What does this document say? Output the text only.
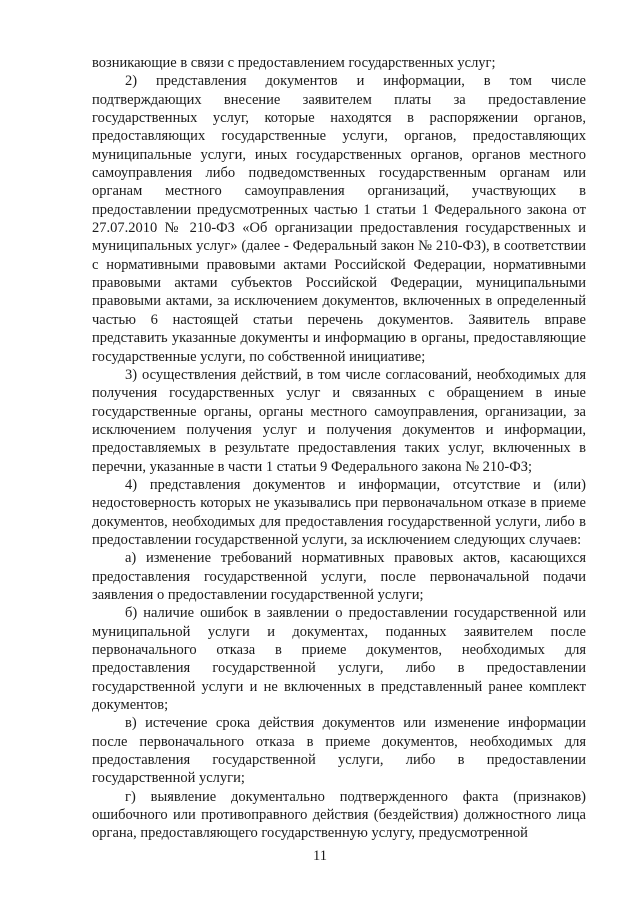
возникающие в связи с предоставлением государственных услуг;

2) представления документов и информации, в том числе подтверждающих внесение заявителем платы за предоставление государственных услуг, которые находятся в распоряжении органов, предоставляющих государственные услуги, органов, предоставляющих муниципальные услуги, иных государственных органов, органов местного самоуправления либо подведомственных государственным органам или органам местного самоуправления организаций, участвующих в предоставлении предусмотренных частью 1 статьи 1 Федерального закона от 27.07.2010 № 210-ФЗ «Об организации предоставления государственных и муниципальных услуг» (далее - Федеральный закон № 210-ФЗ), в соответствии с нормативными правовыми актами Российской Федерации, нормативными правовыми актами субъектов Российской Федерации, муниципальными правовыми актами, за исключением документов, включенных в определенный частью 6 настоящей статьи перечень документов. Заявитель вправе представить указанные документы и информацию в органы, предоставляющие государственные услуги, по собственной инициативе;

3) осуществления действий, в том числе согласований, необходимых для получения государственных услуг и связанных с обращением в иные государственные органы, органы местного самоуправления, организации, за исключением получения услуг и получения документов и информации, предоставляемых в результате предоставления таких услуг, включенных в перечни, указанные в части 1 статьи 9 Федерального закона № 210-ФЗ;

4) представления документов и информации, отсутствие и (или) недостоверность которых не указывались при первоначальном отказе в приеме документов, необходимых для предоставления государственной услуги, либо в предоставлении государственной услуги, за исключением следующих случаев:

а) изменение требований нормативных правовых актов, касающихся предоставления государственной услуги, после первоначальной подачи заявления о предоставлении государственной услуги;

б) наличие ошибок в заявлении о предоставлении государственной или муниципальной услуги и документах, поданных заявителем после первоначального отказа в приеме документов, необходимых для предоставления государственной услуги, либо в предоставлении государственной услуги и не включенных в представленный ранее комплект документов;

в) истечение срока действия документов или изменение информации после первоначального отказа в приеме документов, необходимых для предоставления государственной услуги, либо в предоставлении государственной услуги;

г) выявление документально подтвержденного факта (признаков) ошибочного или противоправного действия (бездействия) должностного лица органа, предоставляющего государственную услугу, предусмотренной

11
